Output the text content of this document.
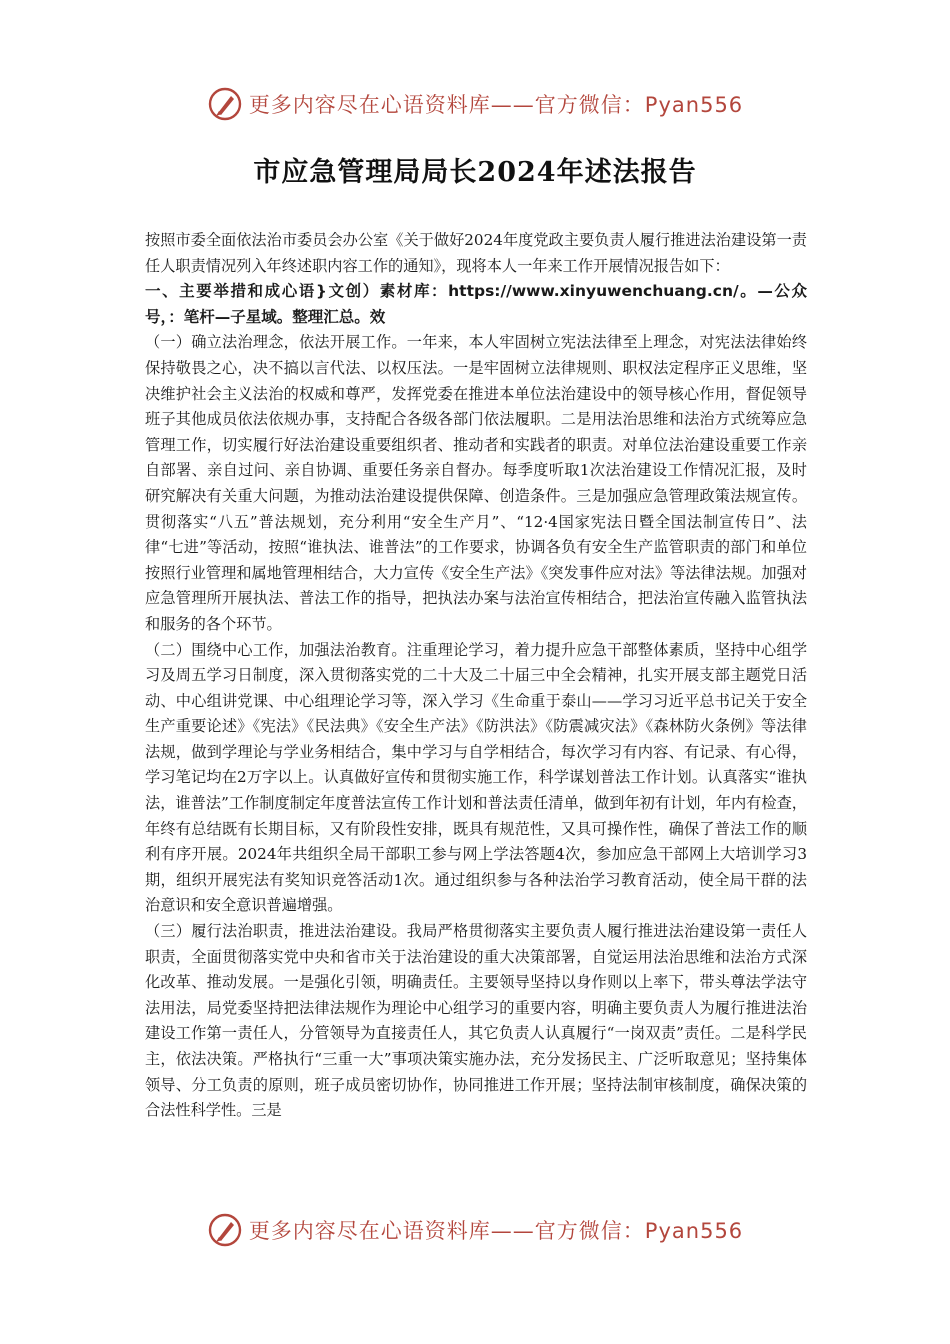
更多内容尽在心语资料库——官方微信：Pyan556
市应急管理局局长2024年述法报告

按照市委全面依法治市委员会办公室《关于做好2024年度党政主要负责人履行推进法治建设第一责任人职责情况列入年终述职内容工作的通知》，现将本人一年来工作开展情况报告如下：

一、主要举措和成心语}文创）素材库：https://www.xinyuwenchuang.cn/。—公众号，：笔杆—子星域。整理汇总。效

（一）确立法治理念，依法开展工作。一年来，本人牢固树立宪法法律至上理念，对宪法法律始终保持敬畏之心，决不搞以言代法、以权压法。一是牢固树立法律规则、职权法定程序正义思维，坚决维护社会主义法治的权威和尊严，发挥党委在推进本单位法治建设中的领导核心作用，督促领导班子其他成员依法依规办事，支持配合各级各部门依法履职。二是用法治思维和法治方式统筹应急管理工作，切实履行好法治建设重要组织者、推动者和实践者的职责。对单位法治建设重要工作亲自部署、亲自过问、亲自协调、重要任务亲自督办。每季度听取1次法治建设工作情况汇报，及时研究解决有关重大问题，为推动法治建设提供保障、创造条件。三是加强应急管理政策法规宣传。贯彻落实“八五”普法规划，充分利用“安全生产月”、“12·4国家宪法日暨全国法制宣传日”、法律“七进”等活动，按照“谁执法、谁普法”的工作要求，协调各负有安全生产监管职责的部门和单位按照行业管理和属地管理相结合，大力宣传《安全生产法》《突发事件应对法》等法律法规。加强对应急管理所开展执法、普法工作的指导，把执法办案与法治宣传相结合，把法治宣传融入监管执法和服务的各个环节。

（二）围绕中心工作，加强法治教育。注重理论学习，着力提升应急干部整体素质，坚持中心组学习及周五学习日制度，深入贯彻落实党的二十大及二十届三中全会精神，扎实开展支部主题党日活动、中心组讲党课、中心组理论学习等，深入学习《生命重于泰山——学习习近平总书记关于安全生产重要论述》《宪法》《民法典》《安全生产法》《防洪法》《防震减灾法》《森林防火条例》等法律法规，做到学理论与学业务相结合，集中学习与自学相结合，每次学习有内容、有记录、有心得，学习笔记均在2万字以上。认真做好宣传和贯彻实施工作，科学谋划普法工作计划。认真落实“谁执法，谁普法”工作制度制定年度普法宣传工作计划和普法责任清单，做到年初有计划，年内有检查，年终有总结既有长期目标，又有阶段性安排，既具有规范性，又具可操作性，确保了普法工作的顺利有序开展。2024年共组织全局干部职工参与网上学法答题4次，参加应急干部网上大培训学习3期，组织开展宪法有奖知识竞答活动1次。通过组织参与各种法治学习教育活动，使全局干群的法治意识和安全意识普遍增强。

（三）履行法治职责，推进法治建设。我局严格贯彻落实主要负责人履行推进法治建设第一责任人职责，全面贯彻落实党中央和省市关于法治建设的重大决策部署，自觉运用法治思维和法治方式深化改革、推动发展。一是强化引领，明确责任。主要领导坚持以身作则以上率下，带头尊法学法守法用法，局党委坚持把法律法规作为理论中心组学习的重要内容，明确主要负责人为履行推进法治建设工作第一责任人，分管领导为直接责任人，其它负责人认真履行“一岗双责”责任。二是科学民主，依法决策。严格执行“三重一大”事项决策实施办法，充分发扬民主、广泛听取意见；坚持集体领导、分工负责的原则，班子成员密切协作，协同推进工作开展；坚持法制审核制度，确保决策的合法性科学性。三是

更多内容尽在心语资料库——官方微信：Pyan556
